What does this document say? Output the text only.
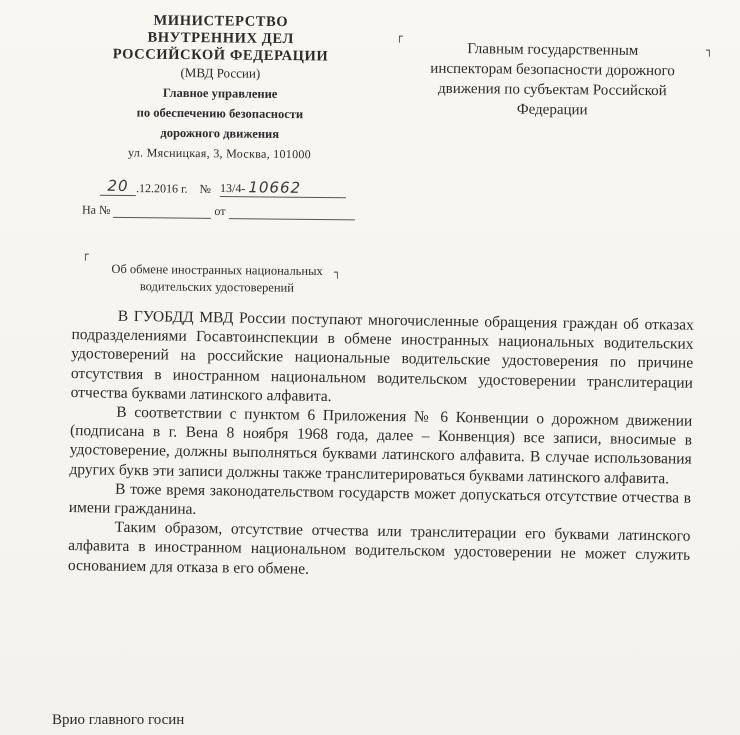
МИНИСТЕРСТВО
ВНУТРЕННИХ ДЕЛ
РОССИЙСКОЙ ФЕДЕРАЦИИ
(МВД России)
Главное управление
по обеспечению безопасности
дорожного движения
ул. Мясницкая, 3, Москва, 101000
20 .12.2016 г. № 13/4- 10662
На №	от
┌
┐
Главным государственным
инспекторам безопасности дорожного
движения по субъектам Российской
Федерации
┌
┐
Об обмене иностранных национальных
водительских удостоверений

В ГУОБДД МВД России поступают многочисленные обращения граждан об отказах подразделениями Госавтоинспекции в обмене иностранных национальных водительских удостоверений на российские национальные водительские удостоверения по причине отсутствия в иностранном национальном водительском удостоверении транслитерации отчества буквами латинского алфавита.

В соответствии с пунктом 6 Приложения № 6 Конвенции о дорожном движении (подписана в г. Вена 8 ноября 1968 года, далее – Конвенция) все записи, вносимые в удостоверение, должны выполняться буквами латинского алфавита. В случае использования других букв эти записи должны также транслитерироваться буквами латинского алфавита.

В тоже время законодательством государств может допускаться отсутствие отчества в имени гражданина.

Таким образом, отсутствие отчества или транслитерации его буквами латинского алфавита в иностранном национальном водительском удостоверении не может служить основанием для отказа в его обмене.

Врио главного госин
